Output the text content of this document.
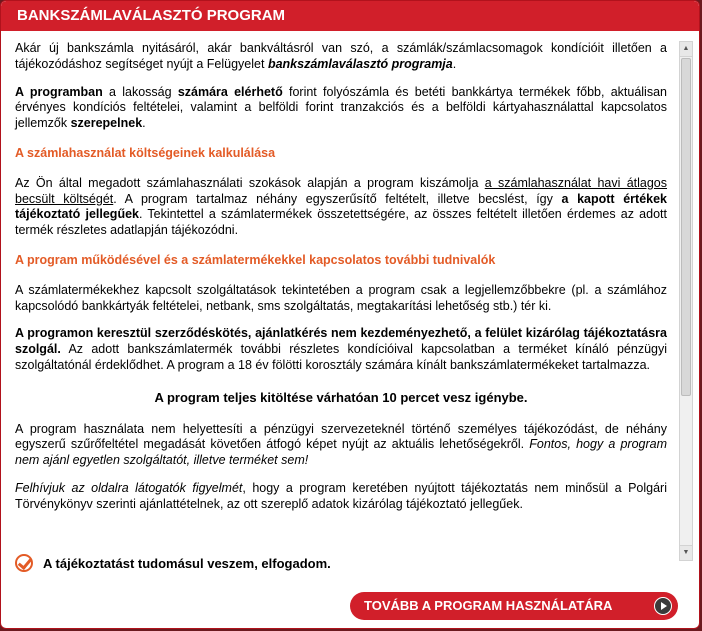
BANKSZÁMLAVÁLASZTÓ PROGRAM

Akár új bankszámla nyitásáról, akár bankváltásról van szó, a számlák/számlacsomagok kondícióit illetően a tájékozódáshoz segítséget nyújt a Felügyelet bankszámlaválasztó programja.

A programban a lakosság számára elérhető forint folyószámla és betéti bankkártya termékek főbb, aktuálisan érvényes kondíciós feltételei, valamint a belföldi forint tranzakciós és a belföldi kártyahasználattal kapcsolatos jellemzők szerepelnek.

A számlahasználat költségeinek kalkulálása

Az Ön által megadott számlahasználati szokások alapján a program kiszámolja a számlahasználat havi átlagos becsült költségét. A program tartalmaz néhány egyszerűsítő feltételt, illetve becslést, így a kapott értékek tájékoztató jellegűek. Tekintettel a számlatermékek összetettségére, az összes feltételt illetően érdemes az adott termék részletes adatlapján tájékozódni.

A program működésével és a számlatermékekkel kapcsolatos további tudnivalók

A számlatermékekhez kapcsolt szolgáltatások tekintetében a program csak a legjellemzőbbekre (pl. a számlához kapcsolódó bankkártyák feltételei, netbank, sms szolgáltatás, megtakarítási lehetőség stb.) tér ki.

A programon keresztül szerződéskötés, ajánlatkérés nem kezdeményezhető, a felület kizárólag tájékoztatásra szolgál. Az adott bankszámlatermék további részletes kondícióival kapcsolatban a terméket kínáló pénzügyi szolgáltatónál érdeklődhet. A program a 18 év fölötti korosztály számára kínált bankszámlatermékeket tartalmazza.

A program teljes kitöltése várhatóan 10 percet vesz igénybe.

A program használata nem helyettesíti a pénzügyi szervezeteknél történő személyes tájékozódást, de néhány egyszerű szűrőfeltétel megadását követően átfogó képet nyújt az aktuális lehetőségekről. Fontos, hogy a program nem ajánl egyetlen szolgáltatót, illetve terméket sem!

Felhívjuk az oldalra látogatók figyelmét, hogy a program keretében nyújtott tájékoztatás nem minősül a Polgári Törvénykönyv szerinti ajánlattételnek, az ott szereplő adatok kizárólag tájékoztató jellegűek.

▲
▼
A tájékoztatást tudomásul veszem, elfogadom.
TOVÁBB A PROGRAM HASZNÁLATÁRA
